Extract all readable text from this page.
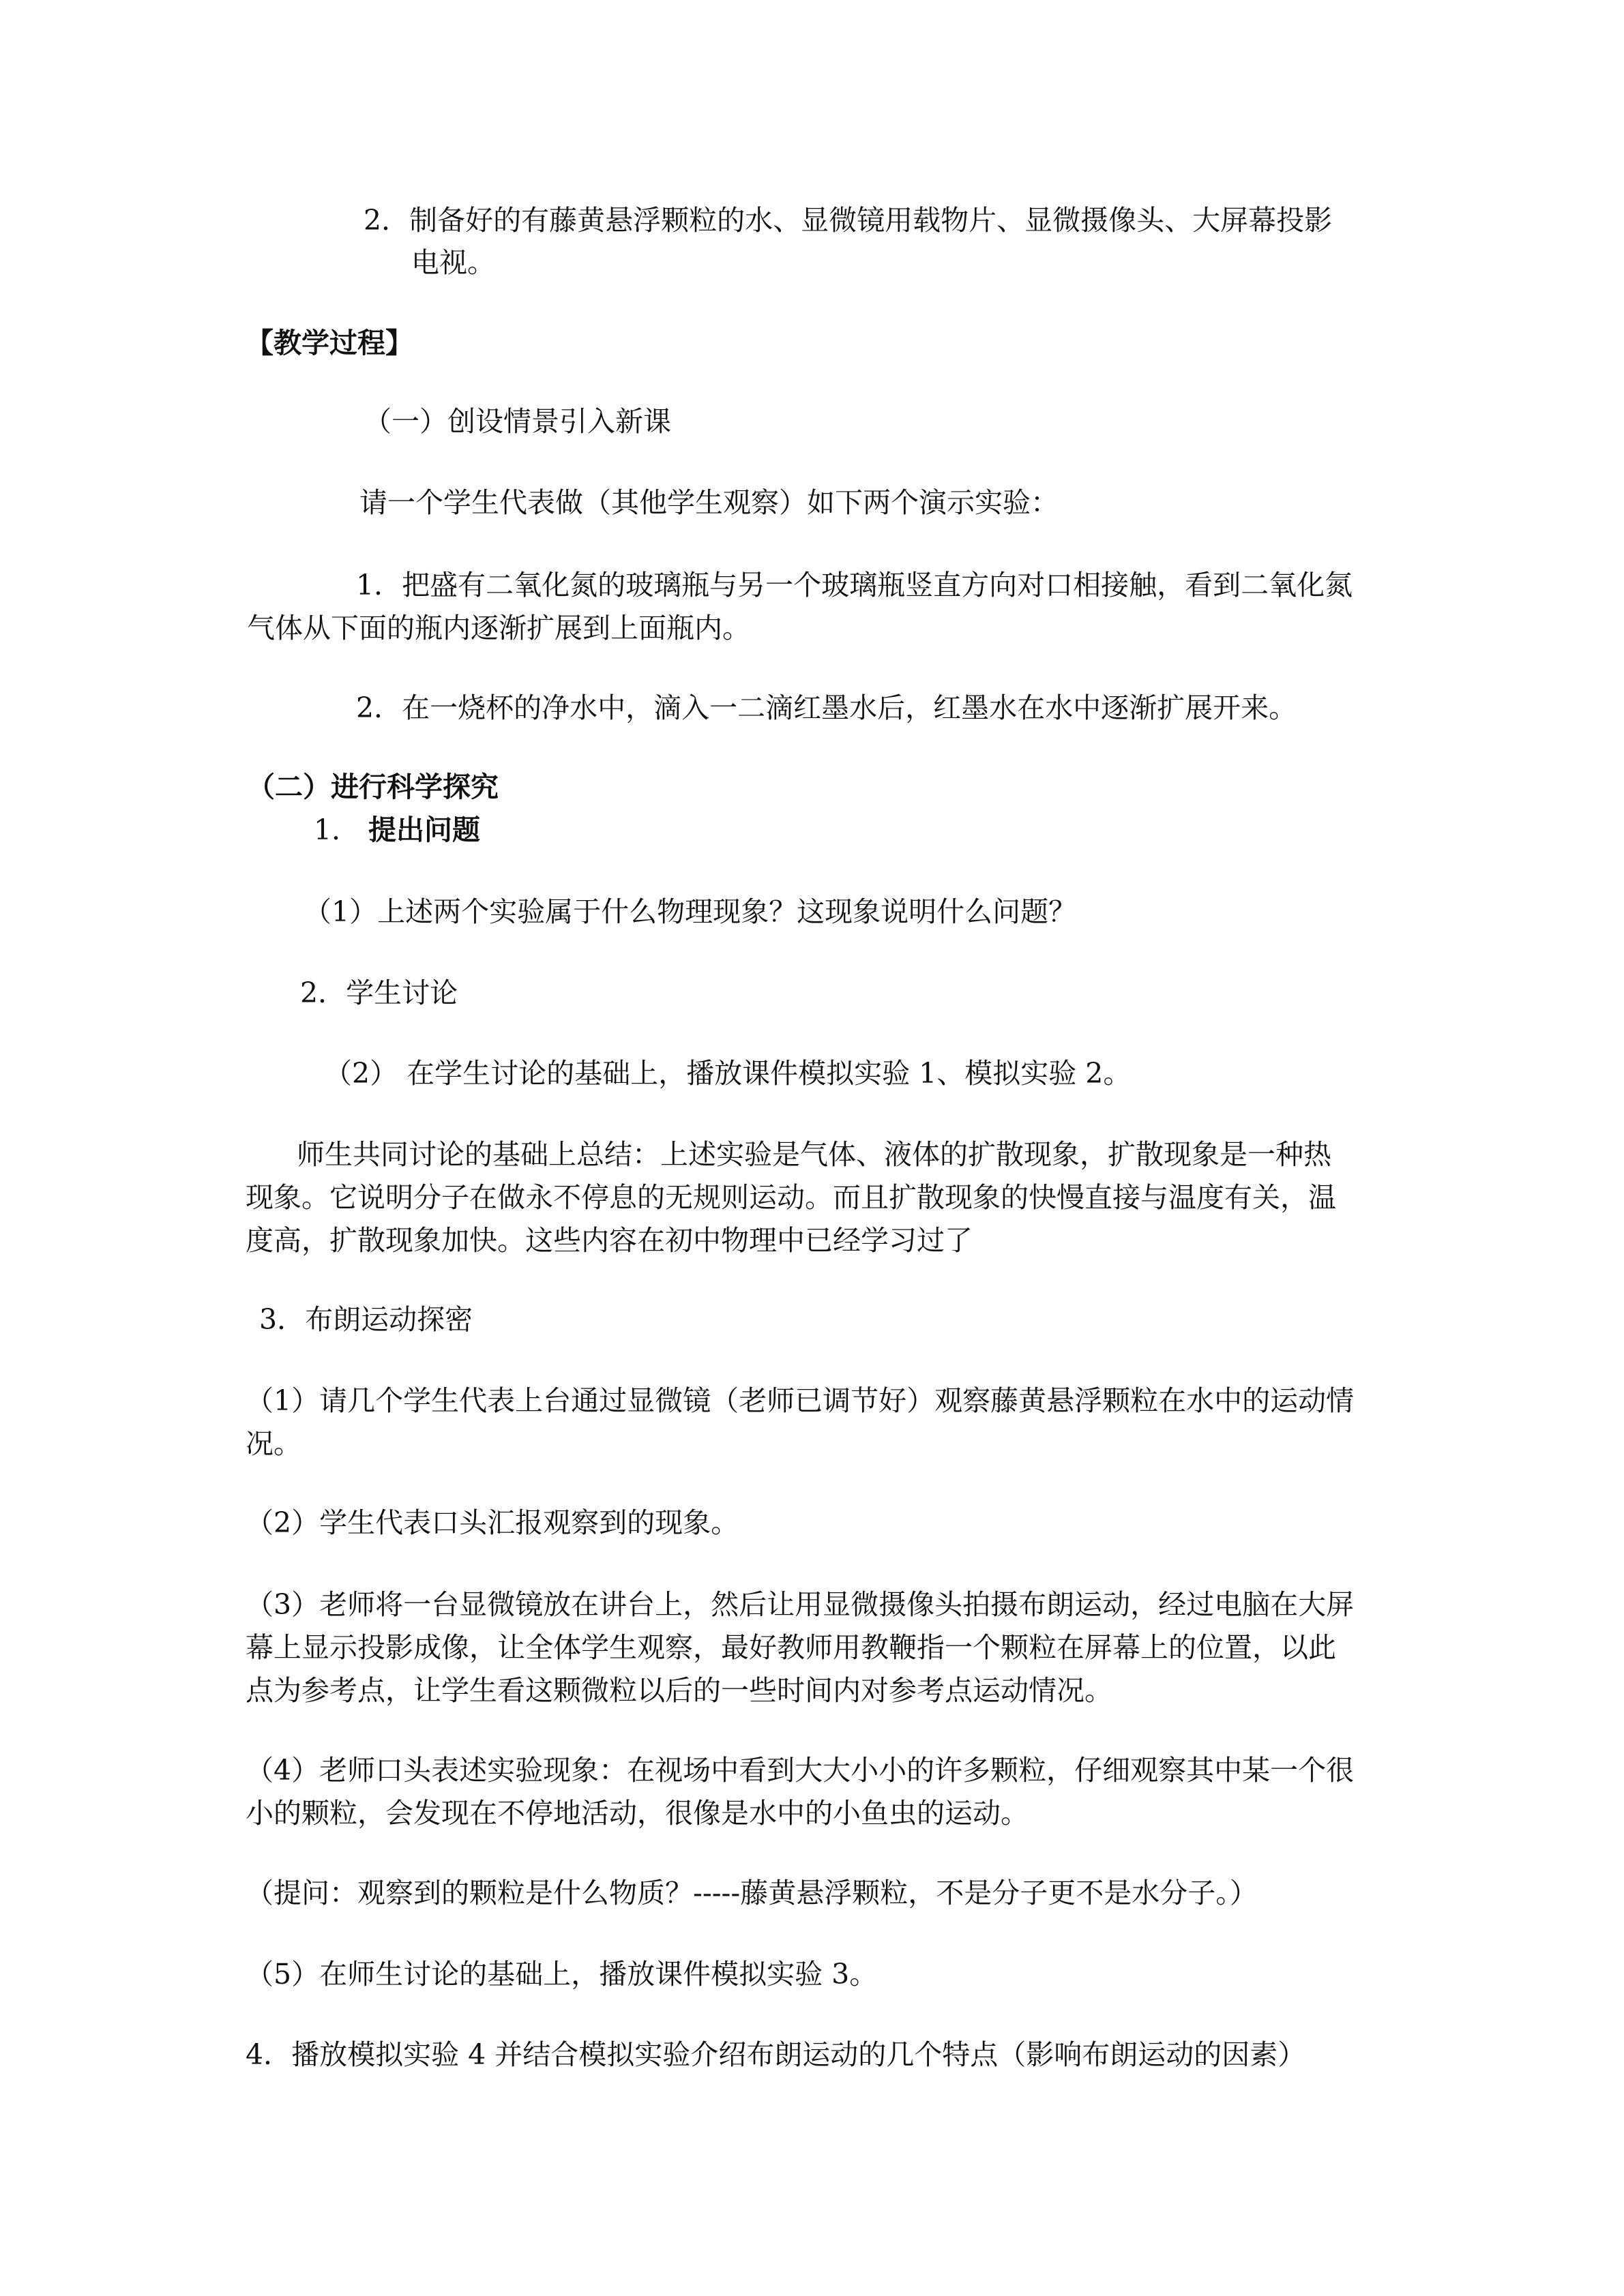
2．制备好的有藤黄悬浮颗粒的水、显微镜用载物片、显微摄像头、大屏幕投影

电视。

【教学过程】

（一）创设情景引入新课

请一个学生代表做（其他学生观察）如下两个演示实验：

1．把盛有二氧化氮的玻璃瓶与另一个玻璃瓶竖直方向对口相接触，看到二氧化氮

气体从下面的瓶内逐渐扩展到上面瓶内。

2．在一烧杯的净水中，滴入一二滴红墨水后，红墨水在水中逐渐扩展开来。

（二）进行科学探究

1． 提出问题

（1）上述两个实验属于什么物理现象？这现象说明什么问题？

2．学生讨论

（2） 在学生讨论的基础上，播放课件模拟实验 1、模拟实验 2。

师生共同讨论的基础上总结：上述实验是气体、液体的扩散现象，扩散现象是一种热

现象。它说明分子在做永不停息的无规则运动。而且扩散现象的快慢直接与温度有关，温

度高，扩散现象加快。这些内容在初中物理中已经学习过了

3．布朗运动探密

（1）请几个学生代表上台通过显微镜（老师已调节好）观察藤黄悬浮颗粒在水中的运动情

况。

（2）学生代表口头汇报观察到的现象。

（3）老师将一台显微镜放在讲台上，然后让用显微摄像头拍摄布朗运动，经过电脑在大屏

幕上显示投影成像，让全体学生观察，最好教师用教鞭指一个颗粒在屏幕上的位置，以此

点为参考点，让学生看这颗微粒以后的一些时间内对参考点运动情况。

（4）老师口头表述实验现象：在视场中看到大大小小的许多颗粒，仔细观察其中某一个很

小的颗粒，会发现在不停地活动，很像是水中的小鱼虫的运动。

（提问：观察到的颗粒是什么物质？-----藤黄悬浮颗粒，不是分子更不是水分子。）

（5）在师生讨论的基础上，播放课件模拟实验 3。

4．播放模拟实验 4 并结合模拟实验介绍布朗运动的几个特点（影响布朗运动的因素）
